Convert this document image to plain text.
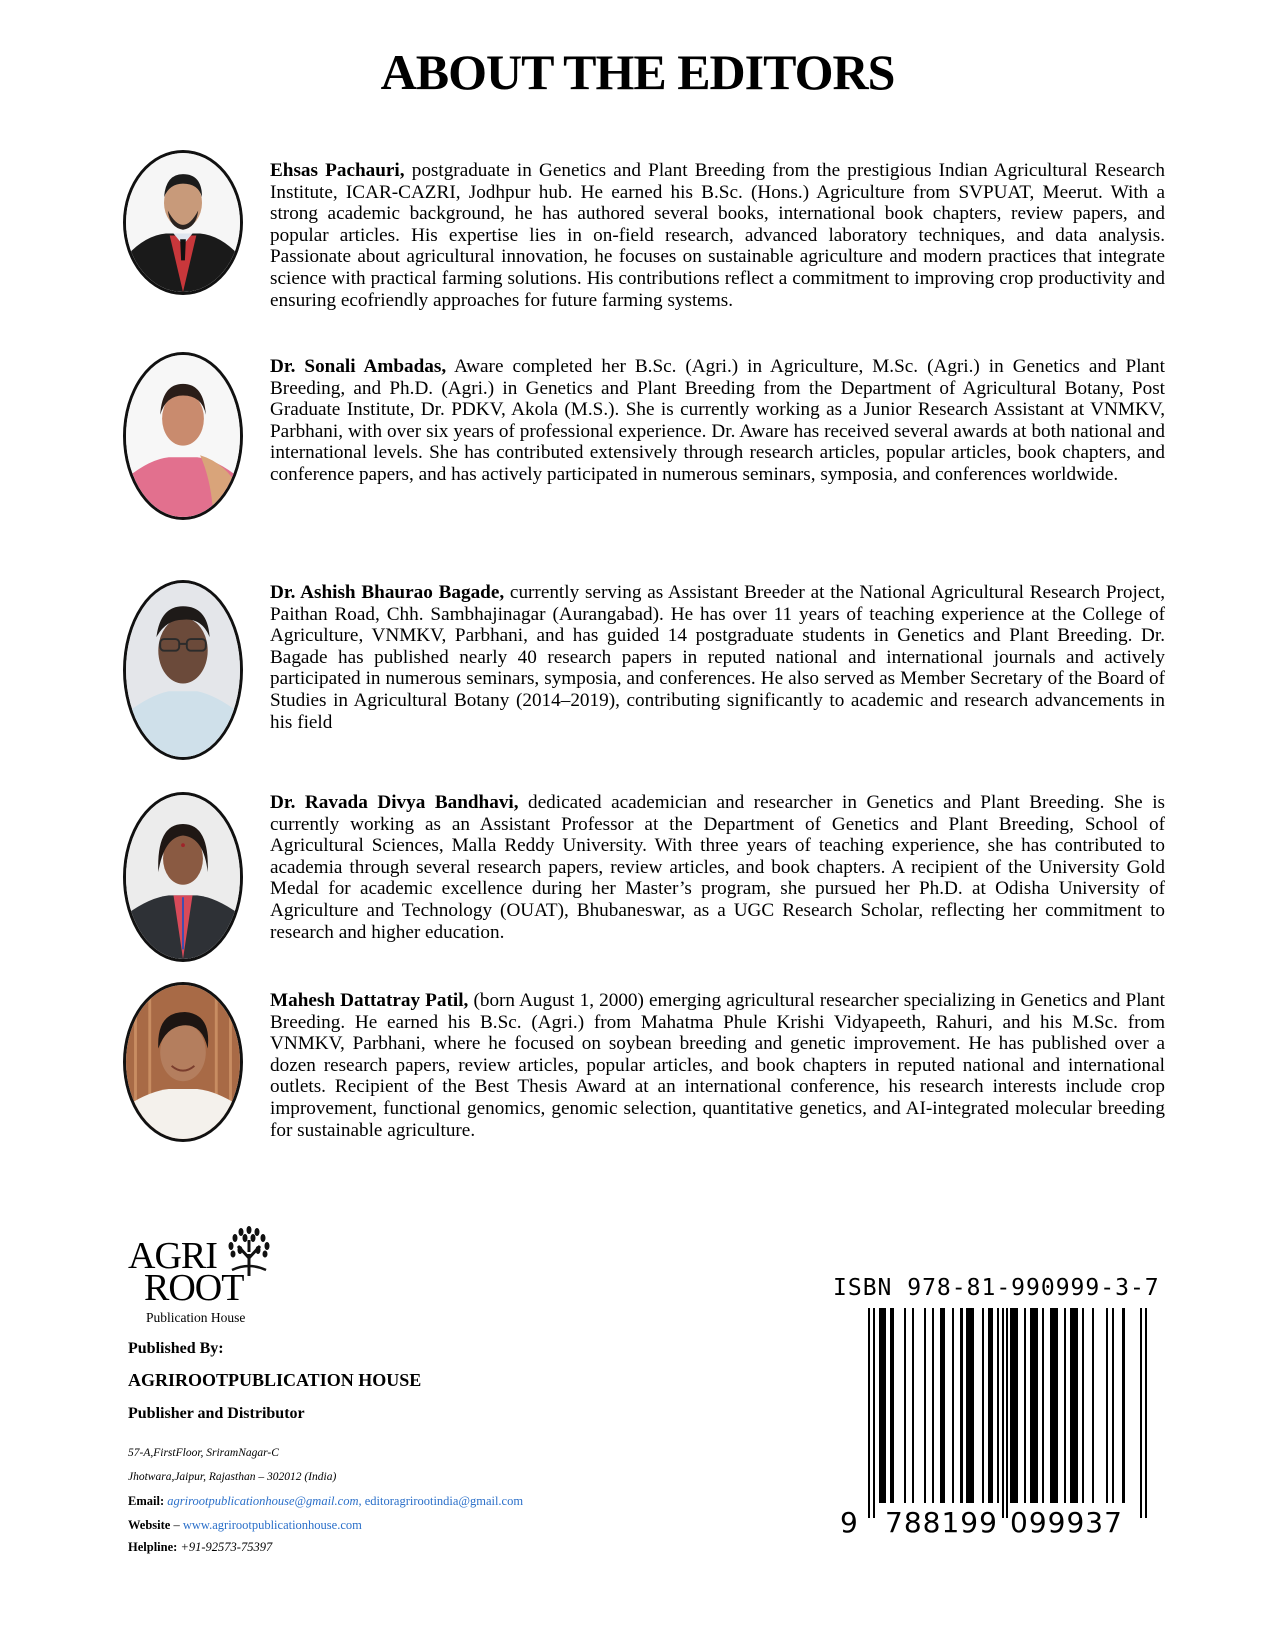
ABOUT THE EDITORS

Ehsas Pachauri, postgraduate in Genetics and Plant Breeding from the prestigious Indian Agricultural Research Institute, ICAR-CAZRI, Jodhpur hub. He earned his B.Sc. (Hons.) Agriculture from SVPUAT, Meerut. With a strong academic background, he has authored several books, international book chapters, review papers, and popular articles. His expertise lies in on-field research, advanced laboratory techniques, and data analysis. Passionate about agricultural innovation, he focuses on sustainable agriculture and modern practices that integrate science with practical farming solutions. His contributions reflect a commitment to improving crop productivity and ensuring ecofriendly approaches for future farming systems.

Dr. Sonali Ambadas, Aware completed her B.Sc. (Agri.) in Agriculture, M.Sc. (Agri.) in Genetics and Plant Breeding, and Ph.D. (Agri.) in Genetics and Plant Breeding from the Department of Agricultural Botany, Post Graduate Institute, Dr. PDKV, Akola (M.S.). She is currently working as a Junior Research Assistant at VNMKV, Parbhani, with over six years of professional experience. Dr. Aware has received several awards at both national and international levels. She has contributed extensively through research articles, popular articles, book chapters, and conference papers, and has actively participated in numerous seminars, symposia, and conferences worldwide.

Dr. Ashish Bhaurao Bagade, currently serving as Assistant Breeder at the National Agricultural Research Project, Paithan Road, Chh. Sambhajinagar (Aurangabad). He has over 11 years of teaching experience at the College of Agriculture, VNMKV, Parbhani, and has guided 14 postgraduate students in Genetics and Plant Breeding. Dr. Bagade has published nearly 40 research papers in reputed national and international journals and actively participated in numerous seminars, symposia, and conferences. He also served as Member Secretary of the Board of Studies in Agricultural Botany (2014–2019), contributing significantly to academic and research advancements in his field

Dr. Ravada Divya Bandhavi, dedicated academician and researcher in Genetics and Plant Breeding. She is currently working as an Assistant Professor at the Department of Genetics and Plant Breeding, School of Agricultural Sciences, Malla Reddy University. With three years of teaching experience, she has contributed to academia through several research papers, review articles, and book chapters. A recipient of the University Gold Medal for academic excellence during her Master’s program, she pursued her Ph.D. at Odisha University of Agriculture and Technology (OUAT), Bhubaneswar, as a UGC Research Scholar, reflecting her commitment to research and higher education.

Mahesh Dattatray Patil, (born August 1, 2000) emerging agricultural researcher specializing in Genetics and Plant Breeding. He earned his B.Sc. (Agri.) from Mahatma Phule Krishi Vidyapeeth, Rahuri, and his M.Sc. from VNMKV, Parbhani, where he focused on soybean breeding and genetic improvement. He has published over a dozen research papers, review articles, popular articles, and book chapters in reputed national and international outlets. Recipient of the Best Thesis Award at an international conference, his research interests include crop improvement, functional genomics, genomic selection, quantitative genetics, and AI-integrated molecular breeding for sustainable agriculture.

AGRI
ROOT
Publication House
Published By:
AGRIROOTPUBLICATION HOUSE
Publisher and Distributor
57-A,FirstFloor, SriramNagar-C
Jhotwara,Jaipur, Rajasthan – 302012 (India)
Email: agrirootpublicationhouse@gmail.com, editoragrirootindia@gmail.com
Website – www.agrirootpublicationhouse.com
Helpline: +91-92573-75397
ISBN 978-81-990999-3-7
9 788199 099937
